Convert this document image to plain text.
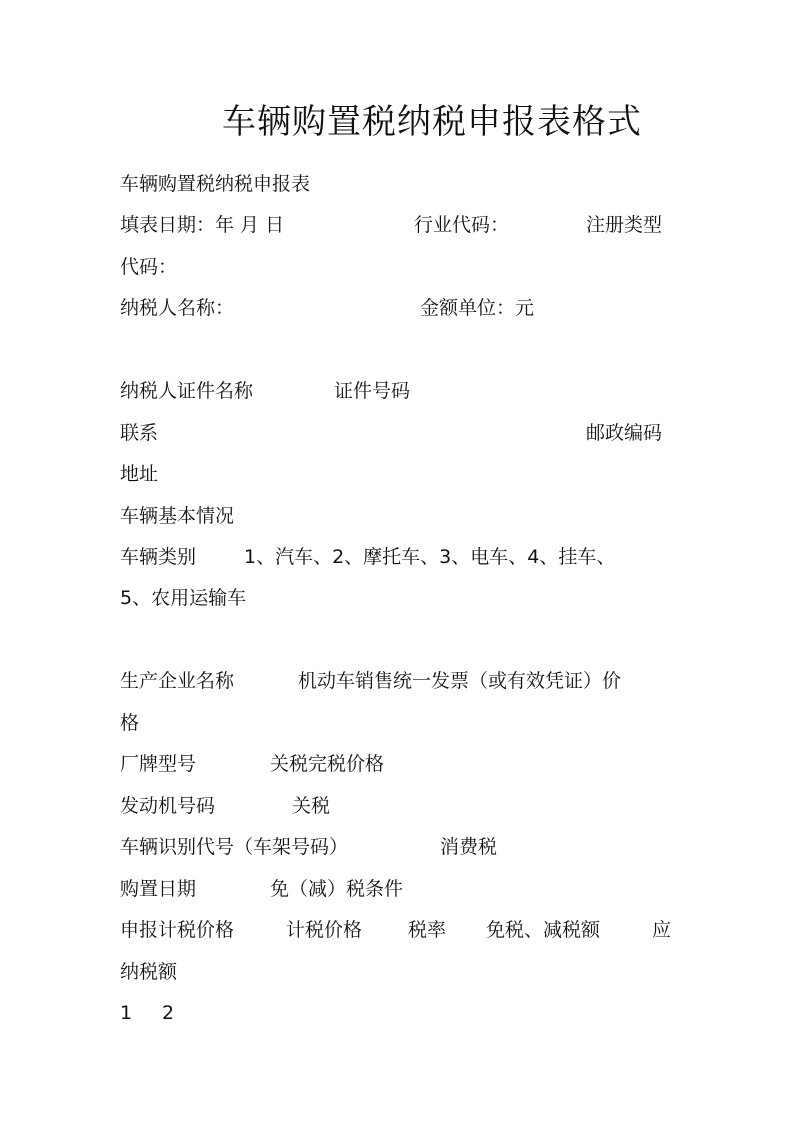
车辆购置税纳税申报表格式
车辆购置税纳税申报表
填表日期：年 月 日	行业代码：	注册类型
代码：
纳税人名称：	金额单位：元
纳税人证件名称	证件号码
联系	邮政编码
地址
车辆基本情况
车辆类别	1、汽车、2、摩托车、3、电车、4、挂车、
5、农用运输车
生产企业名称	机动车销售统一发票（或有效凭证）价
格
厂牌型号	关税完税价格
发动机号码	关税
车辆识别代号（车架号码）	消费税
购置日期	免（减）税条件
申报计税价格	计税价格 税率 免税、减税额	应
纳税额
1 2
